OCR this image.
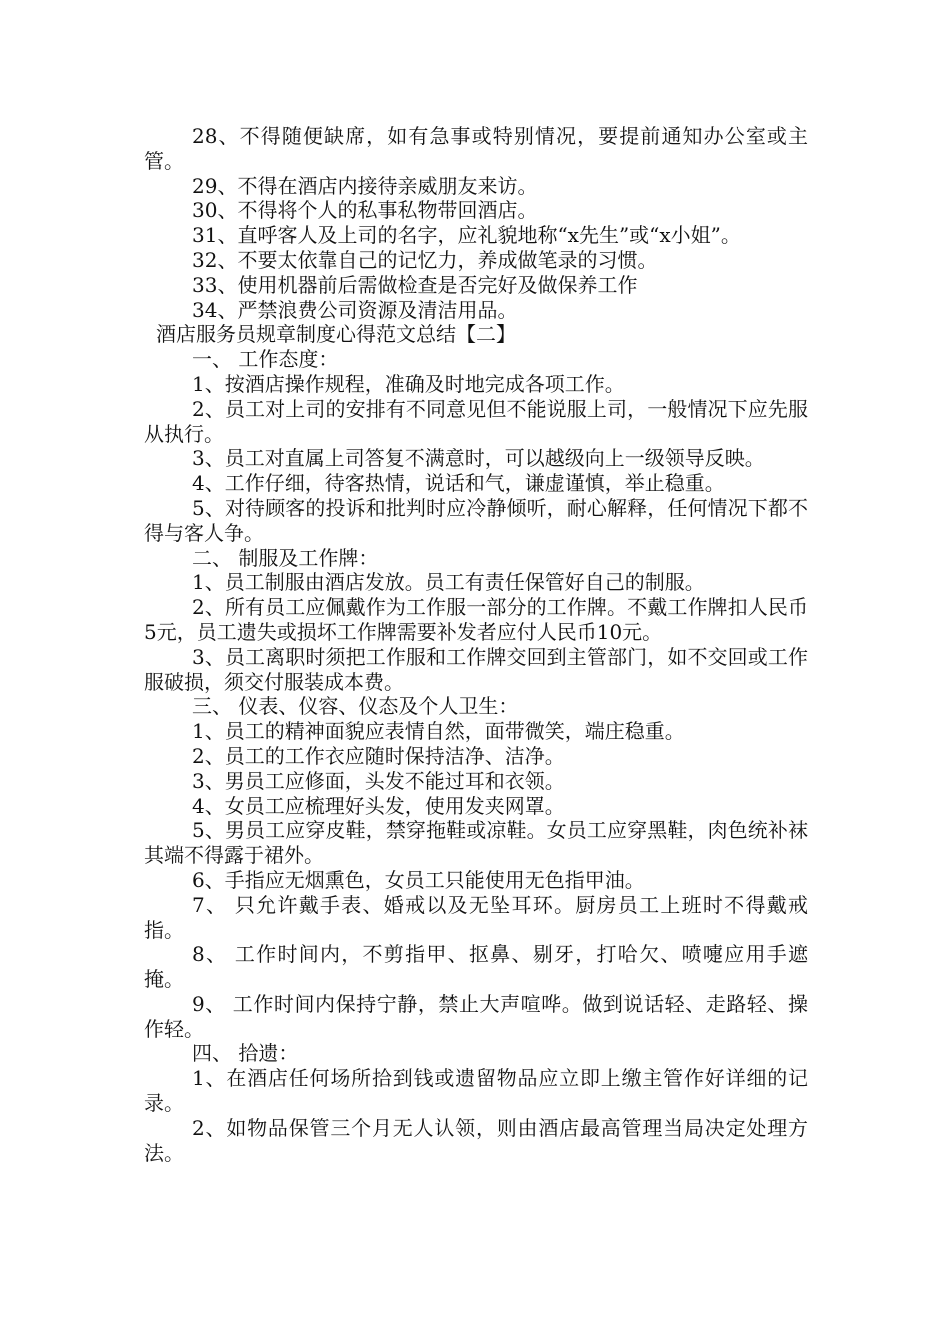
28、不得随便缺席，如有急事或特别情况，要提前通知办公室或主管。

29、不得在酒店内接待亲威朋友来访。

30、不得将个人的私事私物带回酒店。

31、直呼客人及上司的名字，应礼貌地称“x先生”或“x小姐”。

32、不要太依靠自己的记忆力，养成做笔录的习惯。

33、使用机器前后需做检查是否完好及做保养工作

34、严禁浪费公司资源及清洁用品。

酒店服务员规章制度心得范文总结【二】

一、 工作态度：

1、按酒店操作规程，准确及时地完成各项工作。

2、员工对上司的安排有不同意见但不能说服上司，一般情况下应先服从执行。

3、员工对直属上司答复不满意时，可以越级向上一级领导反映。

4、工作仔细，待客热情，说话和气，谦虚谨慎，举止稳重。

5、对待顾客的投诉和批判时应冷静倾听，耐心解释，任何情况下都不得与客人争。

二、 制服及工作牌：

1、员工制服由酒店发放。员工有责任保管好自己的制服。

2、所有员工应佩戴作为工作服一部分的工作牌。不戴工作牌扣人民币5元，员工遗失或损坏工作牌需要补发者应付人民币10元。

3、员工离职时须把工作服和工作牌交回到主管部门，如不交回或工作服破损，须交付服装成本费。

三、 仪表、仪容、仪态及个人卫生：

1、员工的精神面貌应表情自然，面带微笑，端庄稳重。

2、员工的工作衣应随时保持洁净、洁净。

3、男员工应修面，头发不能过耳和衣领。

4、女员工应梳理好头发，使用发夹网罩。

5、男员工应穿皮鞋，禁穿拖鞋或凉鞋。女员工应穿黑鞋，肉色统补袜其端不得露于裙外。

6、手指应无烟熏色，女员工只能使用无色指甲油。

7、 只允许戴手表、婚戒以及无坠耳环。厨房员工上班时不得戴戒指。

8、 工作时间内，不剪指甲、抠鼻、剔牙，打哈欠、喷嚏应用手遮掩。

9、 工作时间内保持宁静，禁止大声喧哗。做到说话轻、走路轻、操作轻。

四、 拾遗：

1、在酒店任何场所拾到钱或遗留物品应立即上缴主管作好详细的记录。

2、如物品保管三个月无人认领，则由酒店最高管理当局决定处理方法。
